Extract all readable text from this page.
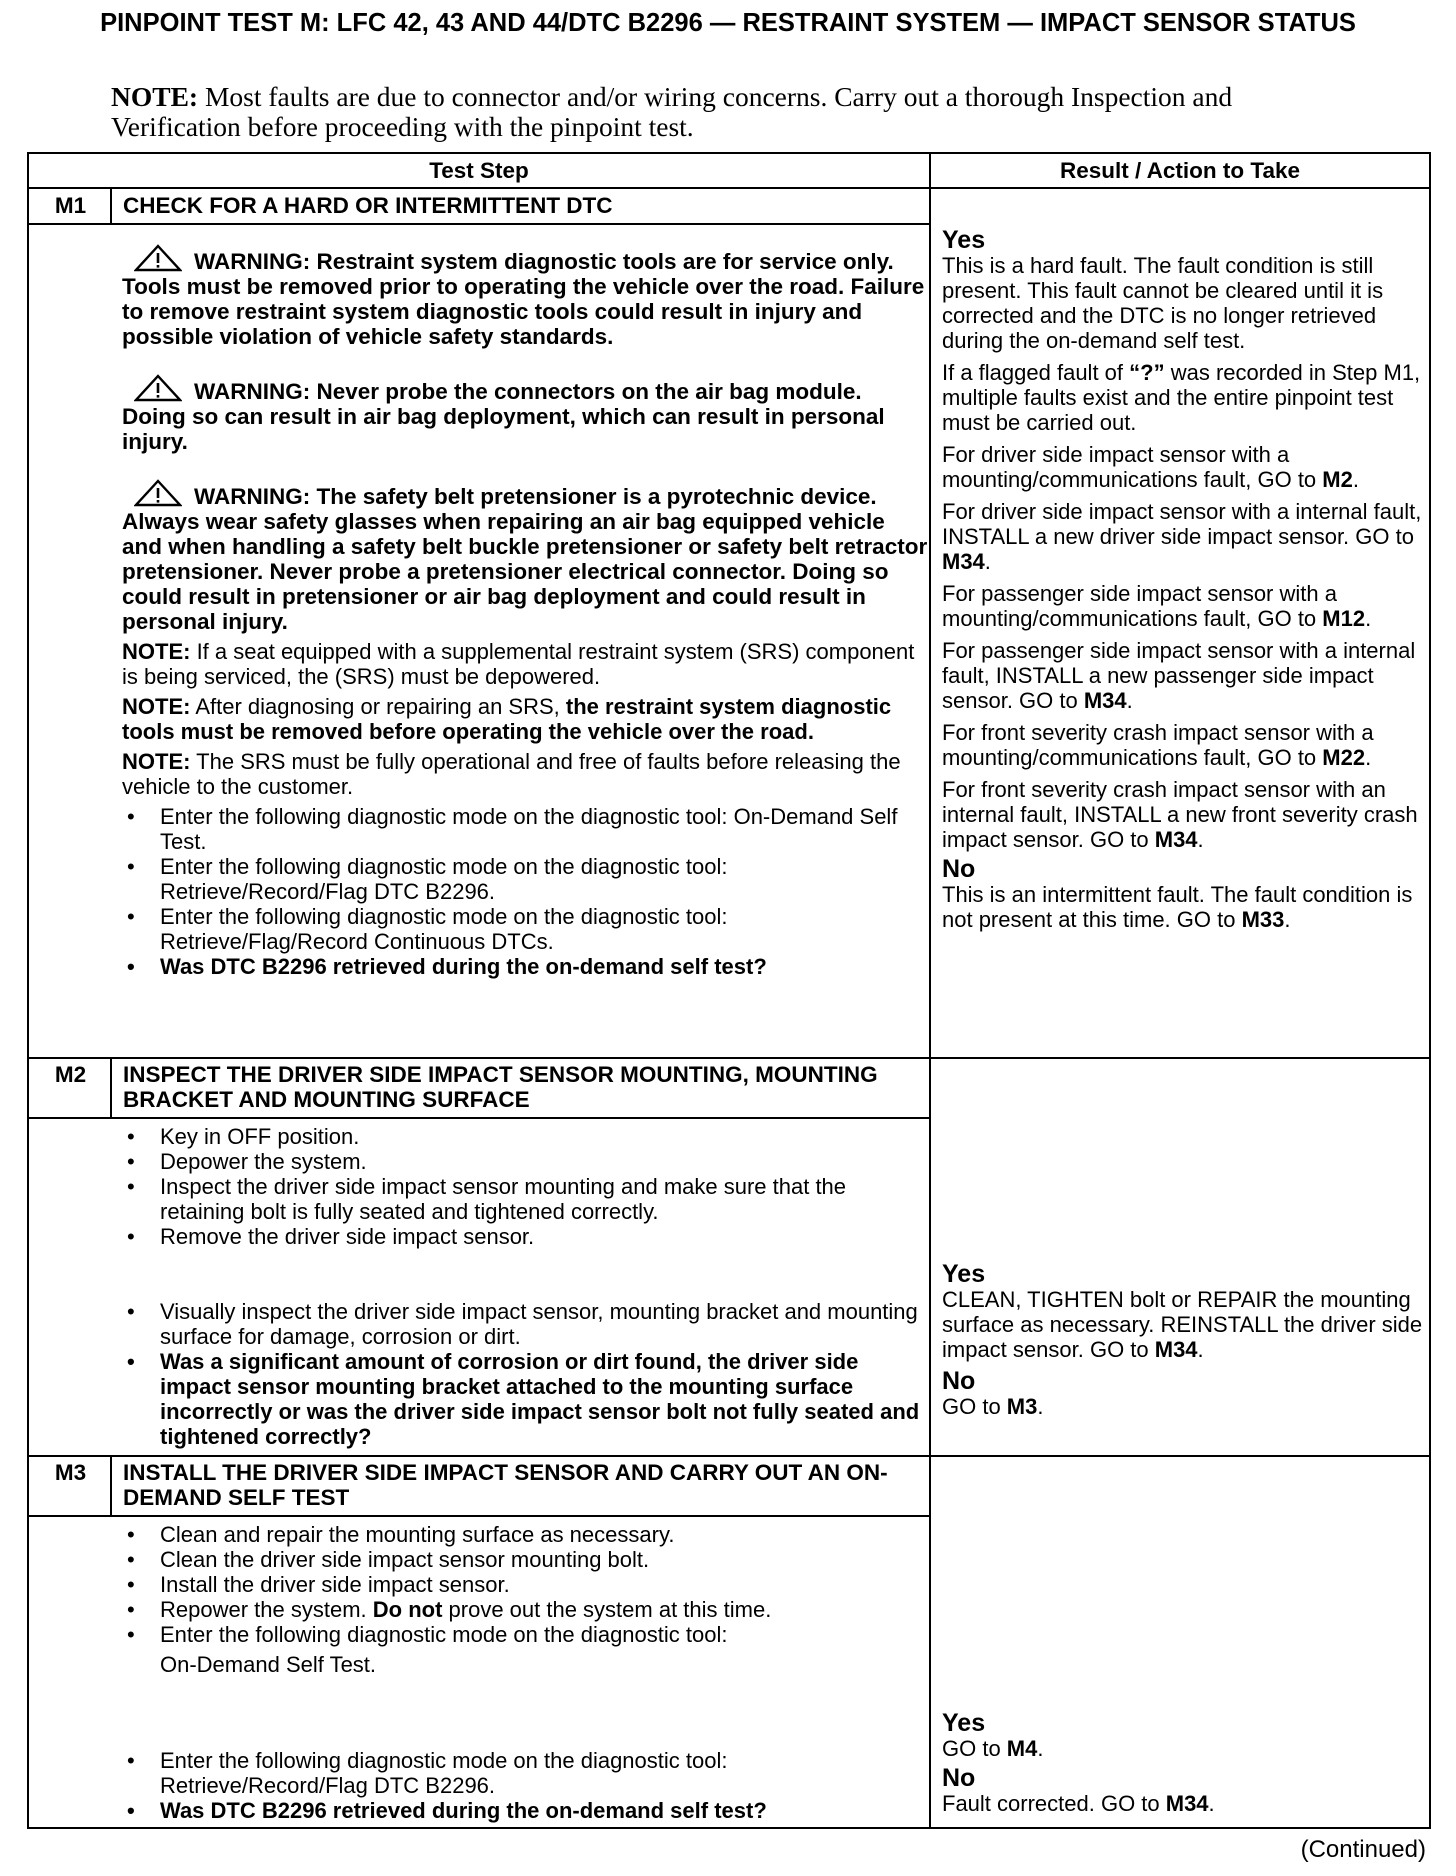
PINPOINT TEST M: LFC 42, 43 AND 44/DTC B2296 — RESTRAINT SYSTEM — IMPACT SENSOR STATUS
NOTE: Most faults are due to connector and/or wiring concerns. Carry out a thorough Inspection and Verification before proceeding with the pinpoint test.
Test Step	Result / Action to Take
M1	CHECK FOR A HARD OR INTERMITTENT DTC
WARNING: Restraint system diagnostic tools are for service only. Tools must be removed prior to operating the vehicle over the road. Failure to remove restraint system diagnostic tools could result in injury and possible violation of vehicle safety standards.
WARNING: Never probe the connectors on the air bag module. Doing so can result in air bag deployment, which can result in personal injury.
WARNING: The safety belt pretensioner is a pyrotechnic device. Always wear safety glasses when repairing an air bag equipped vehicle and when handling a safety belt buckle pretensioner or safety belt retractor pretensioner. Never probe a pretensioner electrical connector. Doing so could result in pretensioner or air bag deployment and could result in personal injury.
NOTE: If a seat equipped with a supplemental restraint system (SRS) component is being serviced, the (SRS) must be depowered.
NOTE: After diagnosing or repairing an SRS, the restraint system diagnostic tools must be removed before operating the vehicle over the road.
NOTE: The SRS must be fully operational and free of faults before releasing the vehicle to the customer.
• Enter the following diagnostic mode on the diagnostic tool: On-Demand Self Test.
• Enter the following diagnostic mode on the diagnostic tool: Retrieve/Record/Flag DTC B2296.
• Enter the following diagnostic mode on the diagnostic tool: Retrieve/Flag/Record Continuous DTCs.
• Was DTC B2296 retrieved during the on-demand self test?
Yes

This is a hard fault. The fault condition is still present. This fault cannot be cleared until it is corrected and the DTC is no longer retrieved during the on-demand self test.

If a flagged fault of “?” was recorded in Step M1, multiple faults exist and the entire pinpoint test must be carried out.

For driver side impact sensor with a mounting/communications fault, GO to M2.

For driver side impact sensor with a internal fault, INSTALL a new driver side impact sensor. GO to M34.

For passenger side impact sensor with a mounting/communications fault, GO to M12.

For passenger side impact sensor with a internal fault, INSTALL a new passenger side impact sensor. GO to M34.

For front severity crash impact sensor with a mounting/communications fault, GO to M22.

For front severity crash impact sensor with an internal fault, INSTALL a new front severity crash impact sensor. GO to M34.

No

This is an intermittent fault. The fault condition is not present at this time. GO to M33.

M2	INSPECT THE DRIVER SIDE IMPACT SENSOR MOUNTING, MOUNTING BRACKET AND MOUNTING SURFACE
• Key in OFF position.
• Depower the system.
• Inspect the driver side impact sensor mounting and make sure that the retaining bolt is fully seated and tightened correctly.
• Remove the driver side impact sensor.
• Visually inspect the driver side impact sensor, mounting bracket and mounting surface for damage, corrosion or dirt.
• Was a significant amount of corrosion or dirt found, the driver side impact sensor mounting bracket attached to the mounting surface incorrectly or was the driver side impact sensor bolt not fully seated and tightened correctly?
Yes

CLEAN, TIGHTEN bolt or REPAIR the mounting surface as necessary. REINSTALL the driver side impact sensor. GO to M34.

No

GO to M3.

M3	INSTALL THE DRIVER SIDE IMPACT SENSOR AND CARRY OUT AN ON-DEMAND SELF TEST
• Clean and repair the mounting surface as necessary.
• Clean the driver side impact sensor mounting bolt.
• Install the driver side impact sensor.
• Repower the system. Do not prove out the system at this time.
• Enter the following diagnostic mode on the diagnostic tool:
On-Demand Self Test.
• Enter the following diagnostic mode on the diagnostic tool: Retrieve/Record/Flag DTC B2296.
• Was DTC B2296 retrieved during the on-demand self test?
Yes

GO to M4.

No

Fault corrected. GO to M34.

(Continued)
